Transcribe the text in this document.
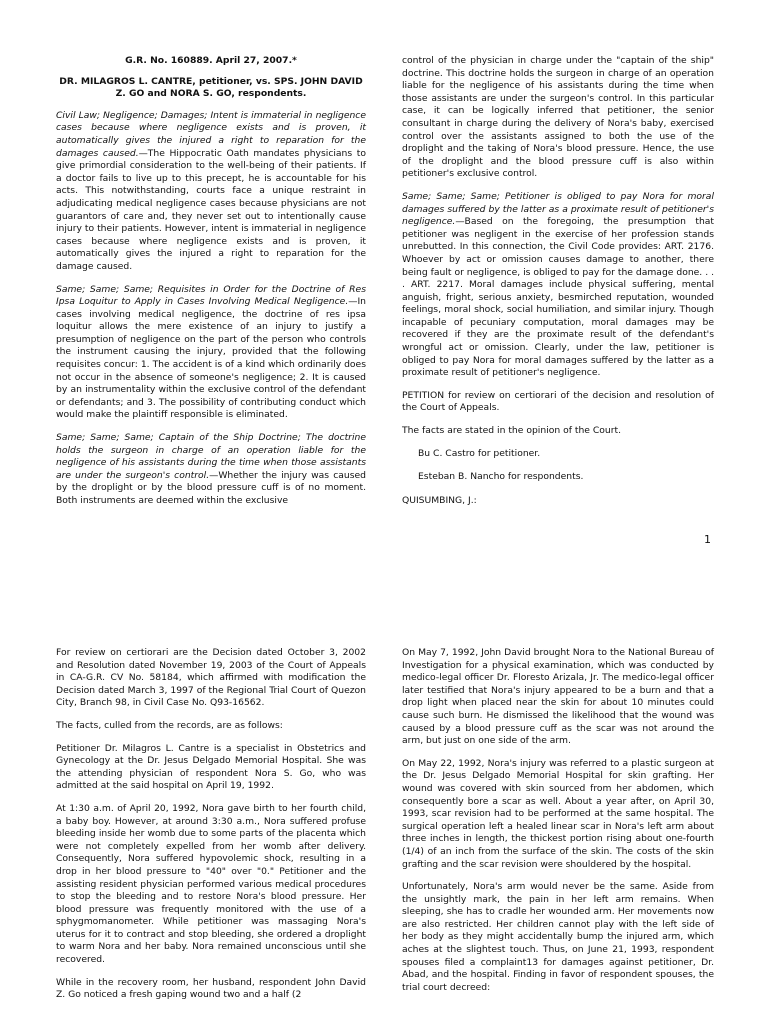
G.R. No. 160889. April 27, 2007.*

DR. MILAGROS L. CANTRE, petitioner, vs. SPS. JOHN DAVID Z. GO and NORA S. GO, respondents.

Civil Law; Negligence; Damages; Intent is immaterial in negligence cases because where negligence exists and is proven, it automatically gives the injured a right to reparation for the damages caused.—The Hippocratic Oath mandates physicians to give primordial consideration to the well-being of their patients. If a doctor fails to live up to this precept, he is accountable for his acts. This notwithstanding, courts face a unique restraint in adjudicating medical negligence cases because physicians are not guarantors of care and, they never set out to intentionally cause injury to their patients. However, intent is immaterial in negligence cases because where negligence exists and is proven, it automatically gives the injured a right to reparation for the damage caused.

Same; Same; Same; Requisites in Order for the Doctrine of Res Ipsa Loquitur to Apply in Cases Involving Medical Negligence.—In cases involving medical negligence, the doctrine of res ipsa loquitur allows the mere existence of an injury to justify a presumption of negligence on the part of the person who controls the instrument causing the injury, provided that the following requisites concur: 1. The accident is of a kind which ordinarily does not occur in the absence of someone's negligence; 2. It is caused by an instrumentality within the exclusive control of the defendant or defendants; and 3. The possibility of contributing conduct which would make the plaintiff responsible is eliminated.

Same; Same; Same; Captain of the Ship Doctrine; The doctrine holds the surgeon in charge of an operation liable for the negligence of his assistants during the time when those assistants are under the surgeon's control.—Whether the injury was caused by the droplight or by the blood pressure cuff is of no moment. Both instruments are deemed within the exclusive

control of the physician in charge under the "captain of the ship" doctrine. This doctrine holds the surgeon in charge of an operation liable for the negligence of his assistants during the time when those assistants are under the surgeon's control. In this particular case, it can be logically inferred that petitioner, the senior consultant in charge during the delivery of Nora's baby, exercised control over the assistants assigned to both the use of the droplight and the taking of Nora's blood pressure. Hence, the use of the droplight and the blood pressure cuff is also within petitioner's exclusive control.

Same; Same; Same; Petitioner is obliged to pay Nora for moral damages suffered by the latter as a proximate result of petitioner's negligence.—Based on the foregoing, the presumption that petitioner was negligent in the exercise of her profession stands unrebutted. In this connection, the Civil Code provides: ART. 2176. Whoever by act or omission causes damage to another, there being fault or negligence, is obliged to pay for the damage done. . . . ART. 2217. Moral damages include physical suffering, mental anguish, fright, serious anxiety, besmirched reputation, wounded feelings, moral shock, social humiliation, and similar injury. Though incapable of pecuniary computation, moral damages may be recovered if they are the proximate result of the defendant's wrongful act or omission. Clearly, under the law, petitioner is obliged to pay Nora for moral damages suffered by the latter as a proximate result of petitioner's negligence.

PETITION for review on certiorari of the decision and resolution of the Court of Appeals.

The facts are stated in the opinion of the Court.

Bu C. Castro for petitioner.

Esteban B. Nancho for respondents.

QUISUMBING, J.:

1

For review on certiorari are the Decision dated October 3, 2002 and Resolution dated November 19, 2003 of the Court of Appeals in CA-G.R. CV No. 58184, which affirmed with modification the Decision dated March 3, 1997 of the Regional Trial Court of Quezon City, Branch 98, in Civil Case No. Q93-16562.

The facts, culled from the records, are as follows:

Petitioner Dr. Milagros L. Cantre is a specialist in Obstetrics and Gynecology at the Dr. Jesus Delgado Memorial Hospital. She was the attending physician of respondent Nora S. Go, who was admitted at the said hospital on April 19, 1992.

At 1:30 a.m. of April 20, 1992, Nora gave birth to her fourth child, a baby boy. However, at around 3:30 a.m., Nora suffered profuse bleeding inside her womb due to some parts of the placenta which were not completely expelled from her womb after delivery. Consequently, Nora suffered hypovolemic shock, resulting in a drop in her blood pressure to "40" over "0." Petitioner and the assisting resident physician performed various medical procedures to stop the bleeding and to restore Nora's blood pressure. Her blood pressure was frequently monitored with the use of a sphygmomanometer. While petitioner was massaging Nora's uterus for it to contract and stop bleeding, she ordered a droplight to warm Nora and her baby. Nora remained unconscious until she recovered.

While in the recovery room, her husband, respondent John David Z. Go noticed a fresh gaping wound two and a half (2

On May 7, 1992, John David brought Nora to the National Bureau of Investigation for a physical examination, which was conducted by medico-legal officer Dr. Floresto Arizala, Jr. The medico-legal officer later testified that Nora's injury appeared to be a burn and that a drop light when placed near the skin for about 10 minutes could cause such burn. He dismissed the likelihood that the wound was caused by a blood pressure cuff as the scar was not around the arm, but just on one side of the arm.

On May 22, 1992, Nora's injury was referred to a plastic surgeon at the Dr. Jesus Delgado Memorial Hospital for skin grafting. Her wound was covered with skin sourced from her abdomen, which consequently bore a scar as well. About a year after, on April 30, 1993, scar revision had to be performed at the same hospital. The surgical operation left a healed linear scar in Nora's left arm about three inches in length, the thickest portion rising about one-fourth (1/4) of an inch from the surface of the skin. The costs of the skin grafting and the scar revision were shouldered by the hospital.

Unfortunately, Nora's arm would never be the same. Aside from the unsightly mark, the pain in her left arm remains. When sleeping, she has to cradle her wounded arm. Her movements now are also restricted. Her children cannot play with the left side of her body as they might accidentally bump the injured arm, which aches at the slightest touch. Thus, on June 21, 1993, respondent spouses filed a complaint13 for damages against petitioner, Dr. Abad, and the hospital. Finding in favor of respondent spouses, the trial court decreed:
